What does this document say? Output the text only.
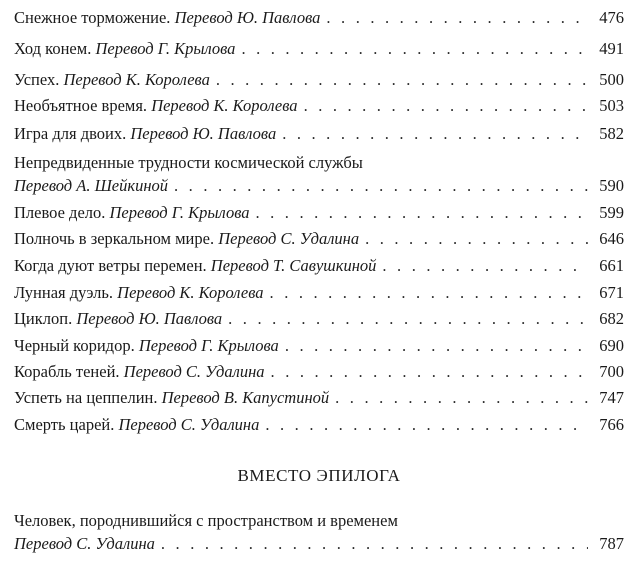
Снежное торможение.
Перевод Ю. Павлова . . .	476
Ход конем.
Перевод Г. Крылова . . .	491
Успех.
Перевод К. Королева . . .	500
Необъятное время.
Перевод К. Королева . . .	503
Игра для двоих.
Перевод Ю. Павлова . . .	582
Непредвиденные трудности космической службы
Перевод А. Шейкиной . . .	590
Плевое дело.
Перевод Г. Крылова . . .	599
Полночь в зеркальном мире.
Перевод С. Удалина . . .	646
Когда дуют ветры перемен.
Перевод Т. Савушкиной . . .	661
Лунная дуэль.
Перевод К. Королева . . .	671
Циклоп.
Перевод Ю. Павлова . . .	682
Черный коридор.
Перевод Г. Крылова . . .	690
Корабль теней.
Перевод С. Удалина . . .	700
Успеть на цеппелин.
Перевод В. Капустиной . . .	747
Смерть царей.
Перевод С. Удалина . . .	766
ВМЕСТО ЭПИЛОГА
Человек, породнившийся с пространством и временем
Перевод С. Удалина . . .	787
